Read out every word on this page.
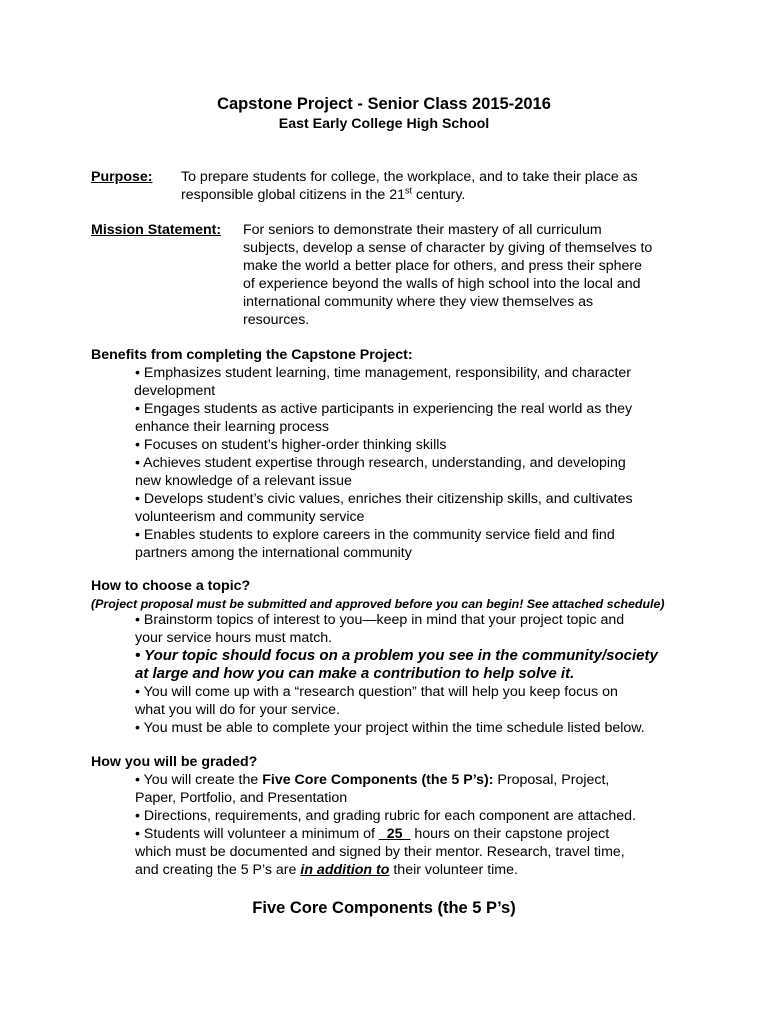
Capstone Project - Senior Class 2015-2016
East Early College High School
Purpose: To prepare students for college, the workplace, and to take their place as

responsible global citizens in the 21st century.

Mission Statement: For seniors to demonstrate their mastery of all curriculum

subjects, develop a sense of character by giving of themselves to

make the world a better place for others, and press their sphere

of experience beyond the walls of high school into the local and

international community where they view themselves as

resources.

Benefits from completing the Capstone Project:
• Emphasizes student learning, time management, responsibility, and character
development
• Engages students as active participants in experiencing the real world as they
enhance their learning process
• Focuses on student’s higher-order thinking skills
• Achieves student expertise through research, understanding, and developing
new knowledge of a relevant issue
• Develops student’s civic values, enriches their citizenship skills, and cultivates
volunteerism and community service
• Enables students to explore careers in the community service field and find
partners among the international community
How to choose a topic?
(Project proposal must be submitted and approved before you can begin! See attached schedule)
• Brainstorm topics of interest to you—keep in mind that your project topic and
your service hours must match.
• Your topic should focus on a problem you see in the community/society
at large and how you can make a contribution to help solve it.
• You will come up with a “research question” that will help you keep focus on
what you will do for your service.
• You must be able to complete your project within the time schedule listed below.
How you will be graded?
• You will create the Five Core Components (the 5 P’s): Proposal, Project,
Paper, Portfolio, and Presentation
• Directions, requirements, and grading rubric for each component are attached.
• Students will volunteer a minimum of _25_ hours on their capstone project
which must be documented and signed by their mentor. Research, travel time,
and creating the 5 P’s are in addition to their volunteer time.
Five Core Components (the 5 P’s)
